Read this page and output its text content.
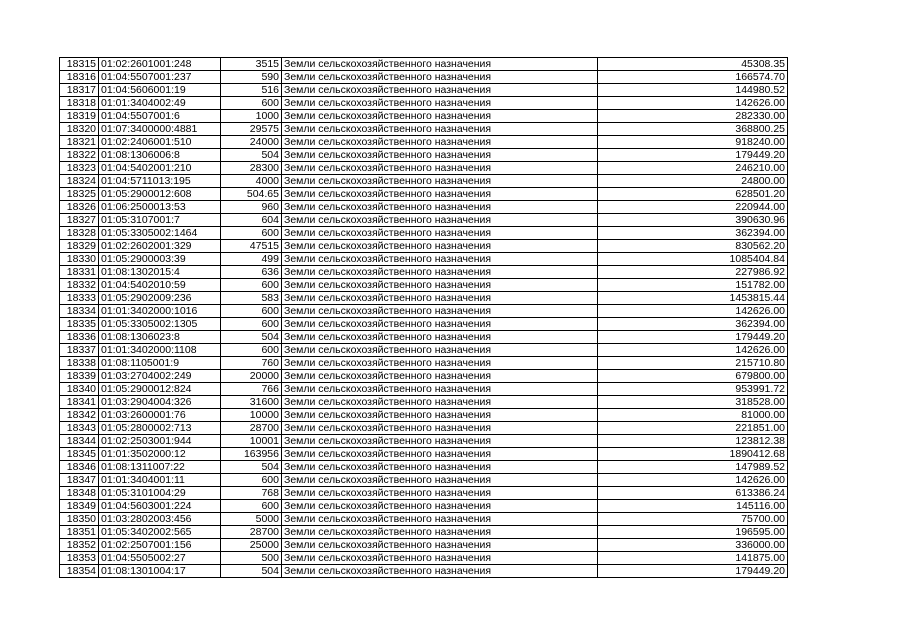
18315	01:02:2601001:248	3515	Земли сельскохозяйственного назначения	45308.35
18316	01:04:5507001:237	590	Земли сельскохозяйственного назначения	166574.70
18317	01:04:5606001:19	516	Земли сельскохозяйственного назначения	144980.52
18318	01:01:3404002:49	600	Земли сельскохозяйственного назначения	142626.00
18319	01:04:5507001:6	1000	Земли сельскохозяйственного назначения	282330.00
18320	01:07:3400000:4881	29575	Земли сельскохозяйственного назначения	368800.25
18321	01:02:2406001:510	24000	Земли сельскохозяйственного назначения	918240.00
18322	01:08:1306006:8	504	Земли сельскохозяйственного назначения	179449.20
18323	01:04:5402001:210	28300	Земли сельскохозяйственного назначения	246210.00
18324	01:04:5711013:195	4000	Земли сельскохозяйственного назначения	24800.00
18325	01:05:2900012:608	504.65	Земли сельскохозяйственного назначения	628501.20
18326	01:06:2500013:53	960	Земли сельскохозяйственного назначения	220944.00
18327	01:05:3107001:7	604	Земли сельскохозяйственного назначения	390630.96
18328	01:05:3305002:1464	600	Земли сельскохозяйственного назначения	362394.00
18329	01:02:2602001:329	47515	Земли сельскохозяйственного назначения	830562.20
18330	01:05:2900003:39	499	Земли сельскохозяйственного назначения	1085404.84
18331	01:08:1302015:4	636	Земли сельскохозяйственного назначения	227986.92
18332	01:04:5402010:59	600	Земли сельскохозяйственного назначения	151782.00
18333	01:05:2902009:236	583	Земли сельскохозяйственного назначения	1453815.44
18334	01:01:3402000:1016	600	Земли сельскохозяйственного назначения	142626.00
18335	01:05:3305002:1305	600	Земли сельскохозяйственного назначения	362394.00
18336	01:08:1306023:8	504	Земли сельскохозяйственного назначения	179449.20
18337	01:01:3402000:1108	600	Земли сельскохозяйственного назначения	142626.00
18338	01:08:1105001:9	760	Земли сельскохозяйственного назначения	215710.80
18339	01:03:2704002:249	20000	Земли сельскохозяйственного назначения	679800.00
18340	01:05:2900012:824	766	Земли сельскохозяйственного назначения	953991.72
18341	01:03:2904004:326	31600	Земли сельскохозяйственного назначения	318528.00
18342	01:03:2600001:76	10000	Земли сельскохозяйственного назначения	81000.00
18343	01:05:2800002:713	28700	Земли сельскохозяйственного назначения	221851.00
18344	01:02:2503001:944	10001	Земли сельскохозяйственного назначения	123812.38
18345	01:01:3502000:12	163956	Земли сельскохозяйственного назначения	1890412.68
18346	01:08:1311007:22	504	Земли сельскохозяйственного назначения	147989.52
18347	01:01:3404001:11	600	Земли сельскохозяйственного назначения	142626.00
18348	01:05:3101004:29	768	Земли сельскохозяйственного назначения	613386.24
18349	01:04:5603001:224	600	Земли сельскохозяйственного назначения	145116.00
18350	01:03:2802003:456	5000	Земли сельскохозяйственного назначения	75700.00
18351	01:05:3402002:565	28700	Земли сельскохозяйственного назначения	196595.00
18352	01:02:2507001:156	25000	Земли сельскохозяйственного назначения	336000.00
18353	01:04:5505002:27	500	Земли сельскохозяйственного назначения	141875.00
18354	01:08:1301004:17	504	Земли сельскохозяйственного назначения	179449.20
